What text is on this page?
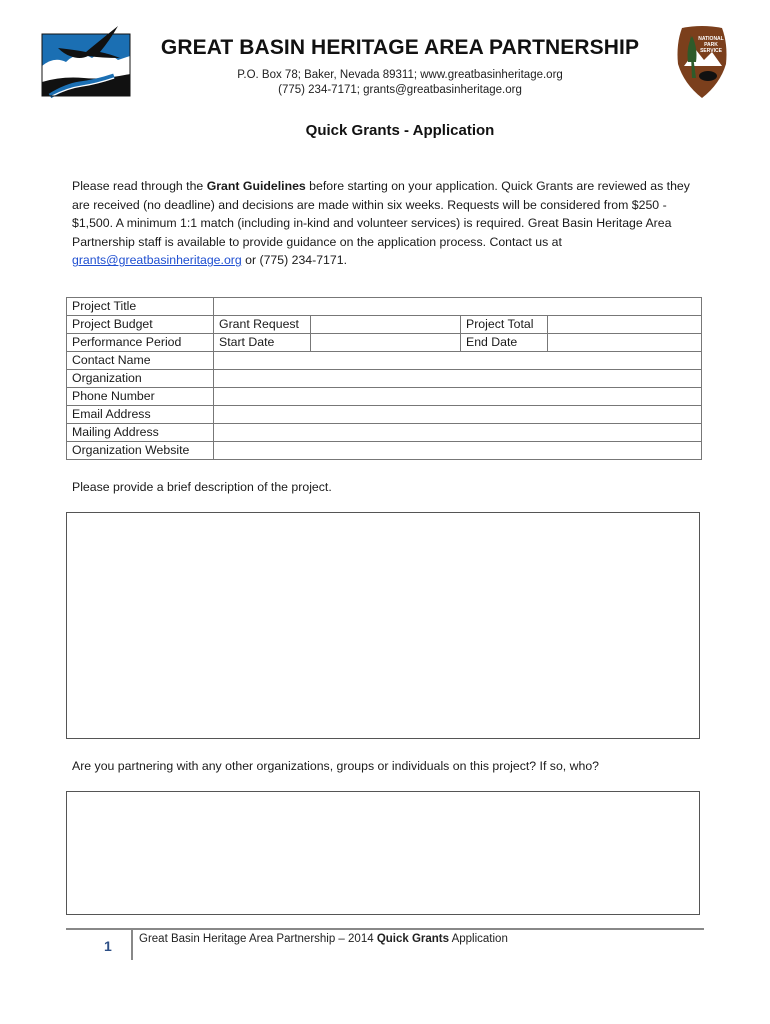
NATIONAL PARK SERVICE
GREAT BASIN HERITAGE AREA PARTNERSHIP
P.O. Box 78; Baker, Nevada 89311; www.greatbasinheritage.org
(775) 234-7171; grants@greatbasinheritage.org
Quick Grants - Application
Please read through the Grant Guidelines before starting on your application. Quick Grants are reviewed as they are received (no deadline) and decisions are made within six weeks. Requests will be considered from $250 - $1,500. A minimum 1:1 match (including in-kind and volunteer services) is required. Great Basin Heritage Area Partnership staff is available to provide guidance on the application process. Contact us at grants@greatbasinheritage.org or (775) 234-7171.
Project Title				
Project Budget	Grant Request		Project Total	
Performance Period	Start Date		End Date	
Contact Name				
Organization				
Phone Number				
Email Address				
Mailing Address				
Organization Website				
Please provide a brief description of the project.
Are you partnering with any other organizations, groups or individuals on this project? If so, who?
1 Great Basin Heritage Area Partnership – 2014 Quick Grants Application
